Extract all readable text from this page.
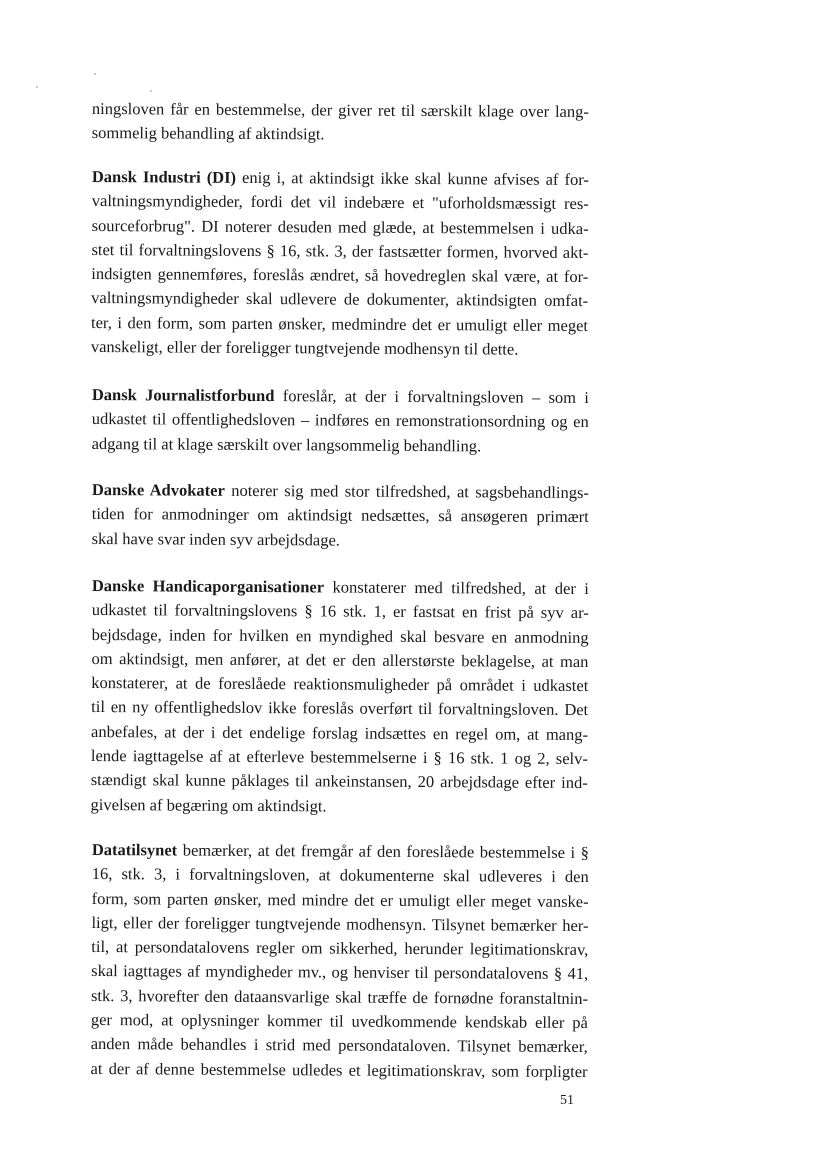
ningsloven får en bestemmelse, der giver ret til særskilt klage over lang-
sommelig behandling af aktindsigt.
Dansk Industri (DI) enig i, at aktindsigt ikke skal kunne afvises af for-
valtningsmyndigheder, fordi det vil indebære et "uforholdsmæssigt res-
sourceforbrug". DI noterer desuden med glæde, at bestemmelsen i udka-
stet til forvaltningslovens § 16, stk. 3, der fastsætter formen, hvorved akt-
indsigten gennemføres, foreslås ændret, så hovedreglen skal være, at for-
valtningsmyndigheder skal udlevere de dokumenter, aktindsigten omfat-
ter, i den form, som parten ønsker, medmindre det er umuligt eller meget
vanskeligt, eller der foreligger tungtvejende modhensyn til dette.
Dansk Journalistforbund foreslår, at der i forvaltningsloven – som i
udkastet til offentlighedsloven – indføres en remonstrationsordning og en
adgang til at klage særskilt over langsommelig behandling.
Danske Advokater noterer sig med stor tilfredshed, at sagsbehandlings-
tiden for anmodninger om aktindsigt nedsættes, så ansøgeren primært
skal have svar inden syv arbejdsdage.
Danske Handicaporganisationer konstaterer med tilfredshed, at der i
udkastet til forvaltningslovens § 16 stk. 1, er fastsat en frist på syv ar-
bejdsdage, inden for hvilken en myndighed skal besvare en anmodning
om aktindsigt, men anfører, at det er den allerstørste beklagelse, at man
konstaterer, at de foreslåede reaktionsmuligheder på området i udkastet
til en ny offentlighedslov ikke foreslås overført til forvaltningsloven. Det
anbefales, at der i det endelige forslag indsættes en regel om, at mang-
lende iagttagelse af at efterleve bestemmelserne i § 16 stk. 1 og 2, selv-
stændigt skal kunne påklages til ankeinstansen, 20 arbejdsdage efter ind-
givelsen af begæring om aktindsigt.
Datatilsynet bemærker, at det fremgår af den foreslåede bestemmelse i §
16, stk. 3, i forvaltningsloven, at dokumenterne skal udleveres i den
form, som parten ønsker, med mindre det er umuligt eller meget vanske-
ligt, eller der foreligger tungtvejende modhensyn. Tilsynet bemærker her-
til, at persondatalovens regler om sikkerhed, herunder legitimationskrav,
skal iagttages af myndigheder mv., og henviser til persondatalovens § 41,
stk. 3, hvorefter den dataansvarlige skal træffe de fornødne foranstaltnin-
ger mod, at oplysninger kommer til uvedkommende kendskab eller på
anden måde behandles i strid med persondataloven. Tilsynet bemærker,
at der af denne bestemmelse udledes et legitimationskrav, som forpligter
51
